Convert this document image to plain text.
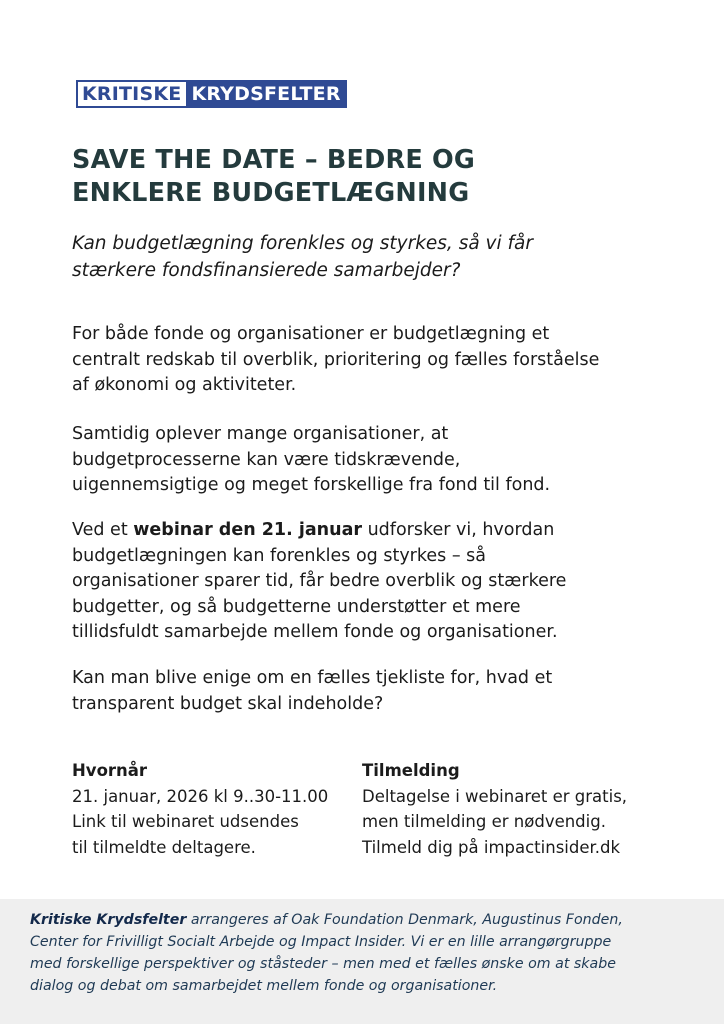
KRITISKE KRYDSFELTER
SAVE THE DATE – BEDRE OG
ENKLERE BUDGETLÆGNING

Kan budgetlægning forenkles og styrkes, så vi får
stærkere fondsfinansierede samarbejder?

For både fonde og organisationer er budgetlægning et
centralt redskab til overblik, prioritering og fælles forståelse
af økonomi og aktiviteter.

Samtidig oplever mange organisationer, at
budgetprocesserne kan være tidskrævende,
uigennemsigtige og meget forskellige fra fond til fond.

Ved et webinar den 21. januar udforsker vi, hvordan
budgetlægningen kan forenkles og styrkes – så
organisationer sparer tid, får bedre overblik og stærkere
budgetter, og så budgetterne understøtter et mere
tillidsfuldt samarbejde mellem fonde og organisationer.

Kan man blive enige om en fælles tjekliste for, hvad et
transparent budget skal indeholde?

Hvornår
21. januar, 2026 kl 9..30-11.00
Link til webinaret udsendes
til tilmeldte deltagere.
Tilmelding
Deltagelse i webinaret er gratis,
men tilmelding er nødvendig.
Tilmeld dig på impactinsider.dk

Kritiske Krydsfelter arrangeres af Oak Foundation Denmark, Augustinus Fonden,
Center for Frivilligt Socialt Arbejde og Impact Insider. Vi er en lille arrangørgruppe
med forskellige perspektiver og ståsteder – men med et fælles ønske om at skabe
dialog og debat om samarbejdet mellem fonde og organisationer.
